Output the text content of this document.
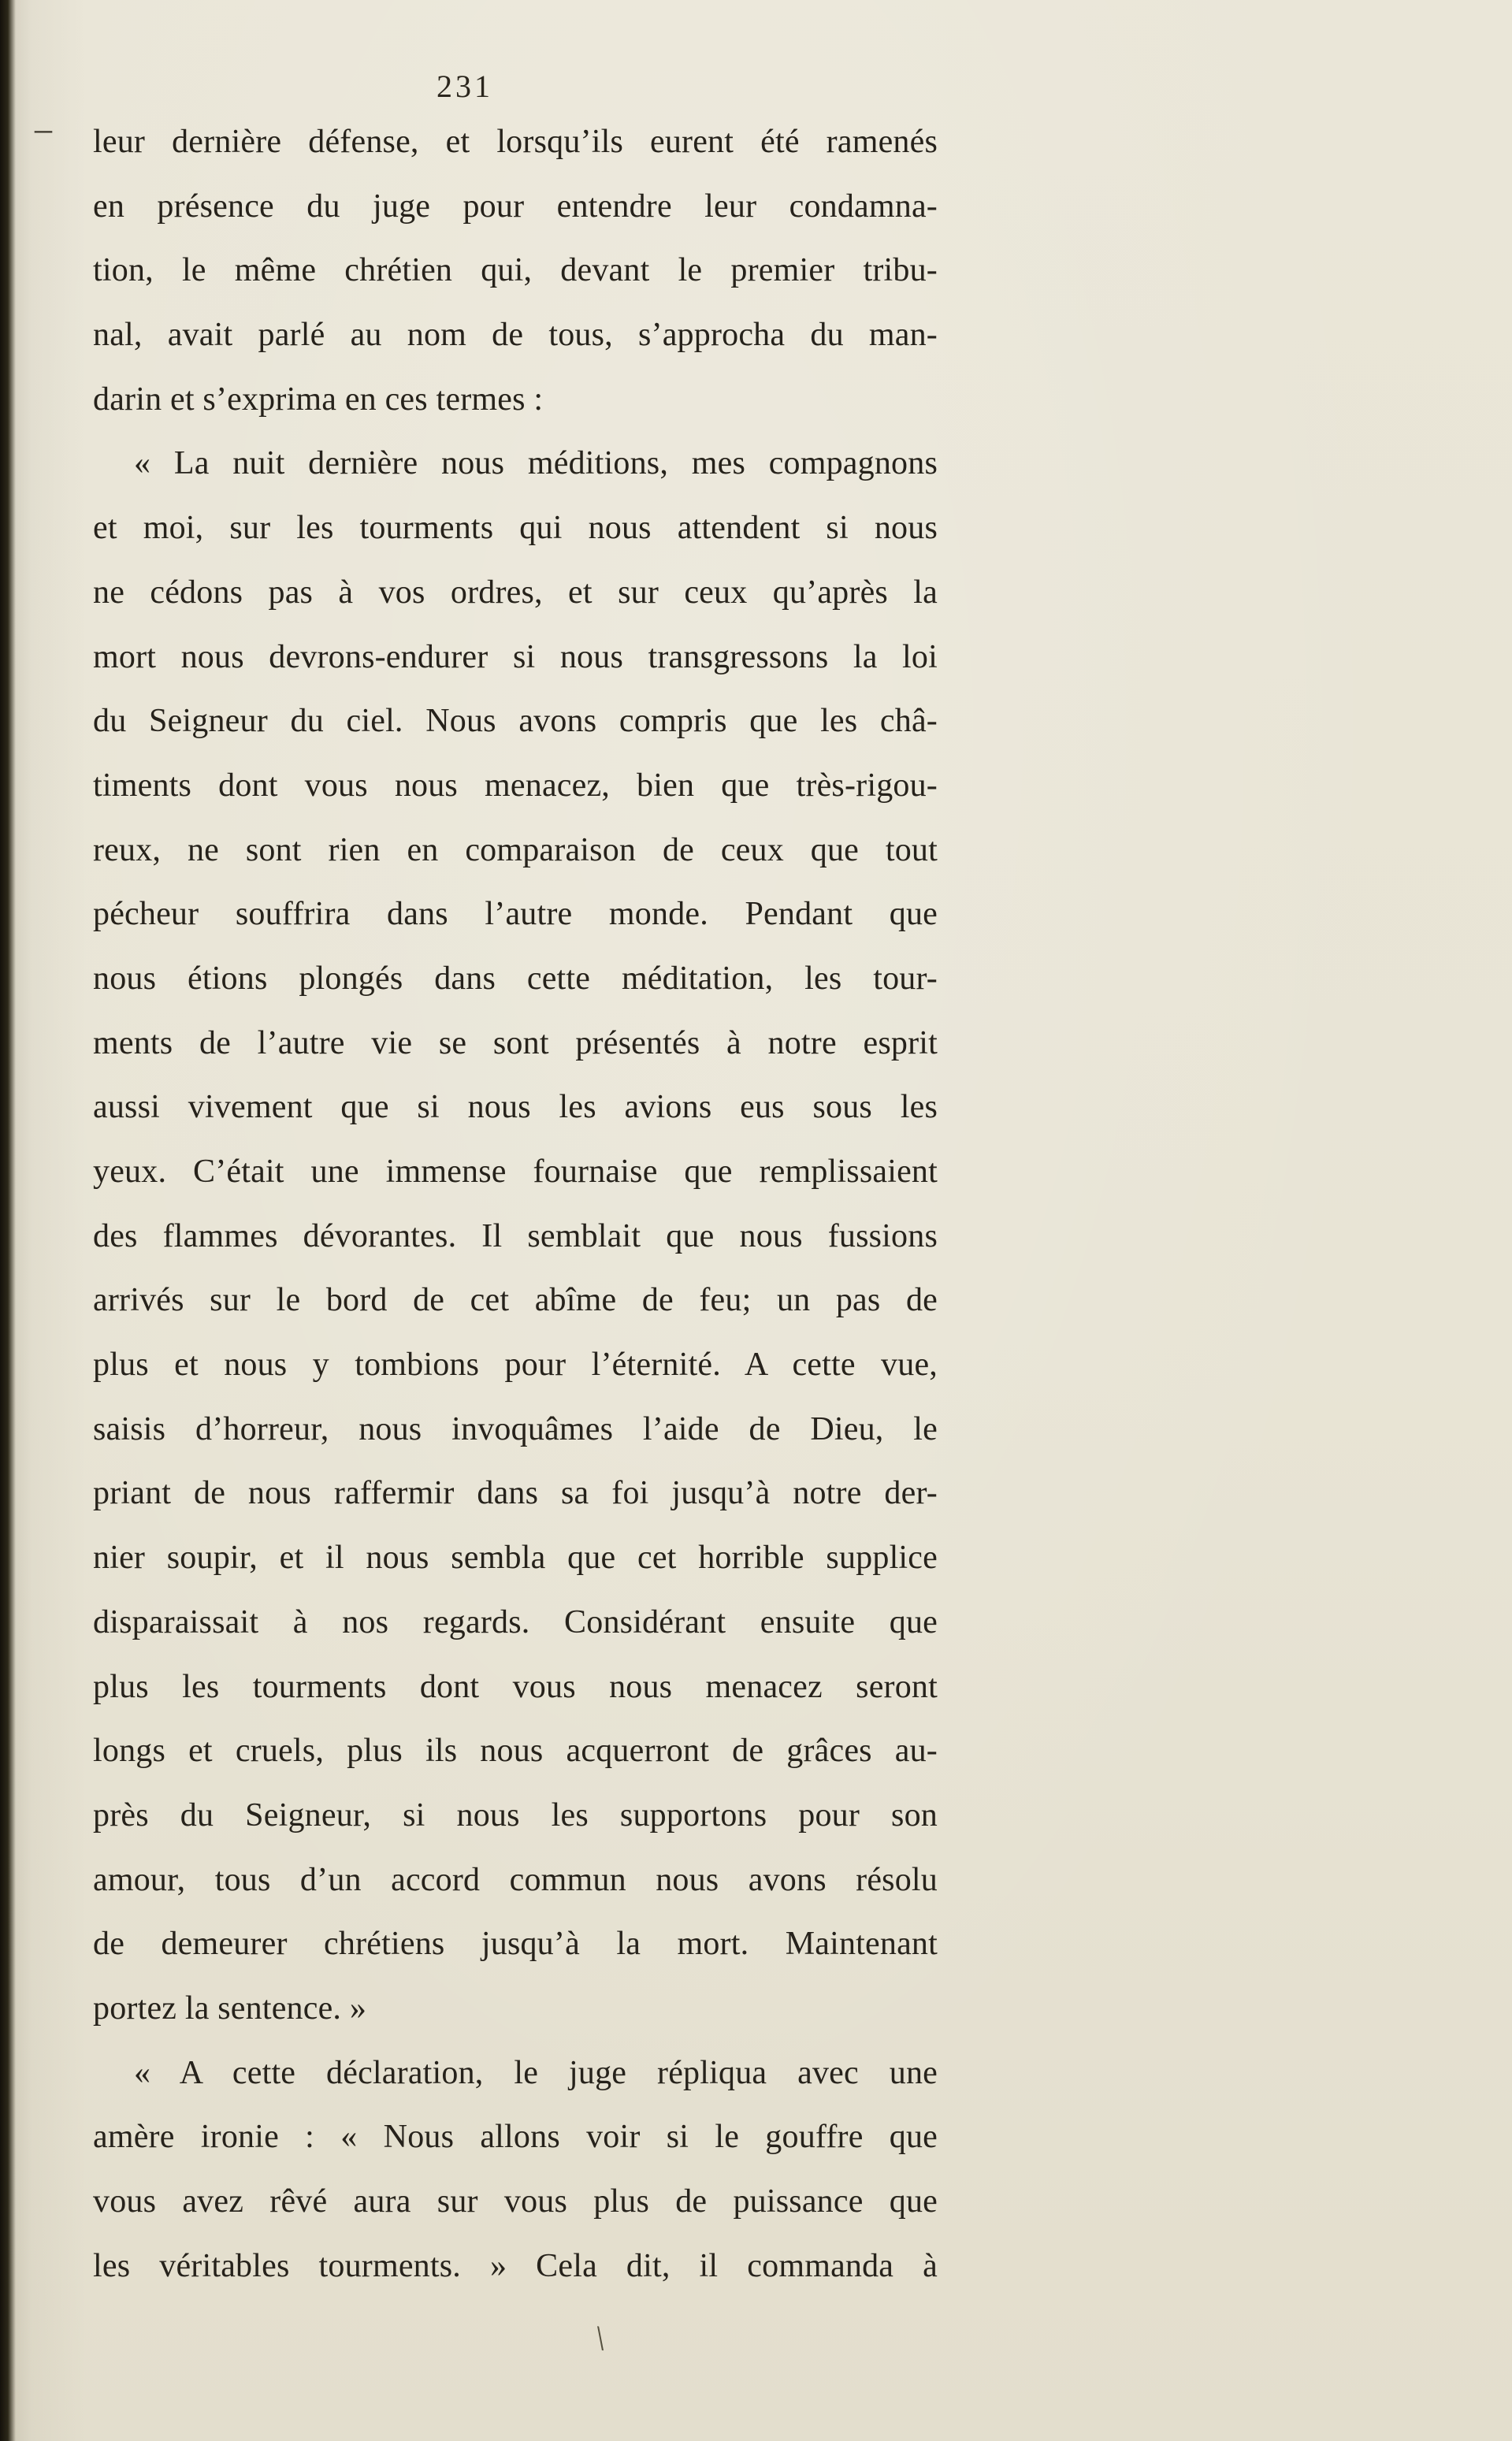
231
– leur dernière défense, et lorsqu’ils eurent été ramenés
en présence du juge pour entendre leur condamna-
tion, le même chrétien qui, devant le premier tribu-
nal, avait parlé au nom de tous, s’approcha du man-
darin et s’exprima en ces termes :
« La nuit dernière nous méditions, mes compagnons
et moi, sur les tourments qui nous attendent si nous
ne cédons pas à vos ordres, et sur ceux qu’après la
mort nous devrons-endurer si nous transgressons la loi
du Seigneur du ciel. Nous avons compris que les châ-
timents dont vous nous menacez, bien que très-rigou-
reux, ne sont rien en comparaison de ceux que tout
pécheur souffrira dans l’autre monde. Pendant que
nous étions plongés dans cette méditation, les tour-
ments de l’autre vie se sont présentés à notre esprit
aussi vivement que si nous les avions eus sous les
yeux. C’était une immense fournaise que remplissaient
des flammes dévorantes. Il semblait que nous fussions
arrivés sur le bord de cet abîme de feu; un pas de
plus et nous y tombions pour l’éternité. A cette vue,
saisis d’horreur, nous invoquâmes l’aide de Dieu, le
priant de nous raffermir dans sa foi jusqu’à notre der-
nier soupir, et il nous sembla que cet horrible supplice
disparaissait à nos regards. Considérant ensuite que
plus les tourments dont vous nous menacez seront
longs et cruels, plus ils nous acquerront de grâces au-
près du Seigneur, si nous les supportons pour son
amour, tous d’un accord commun nous avons résolu
de demeurer chrétiens jusqu’à la mort. Maintenant
portez la sentence. »
« A cette déclaration, le juge répliqua avec une
amère ironie : « Nous allons voir si le gouffre que
vous avez rêvé aura sur vous plus de puissance que
les véritables tourments. » Cela dit, il commanda à
\
